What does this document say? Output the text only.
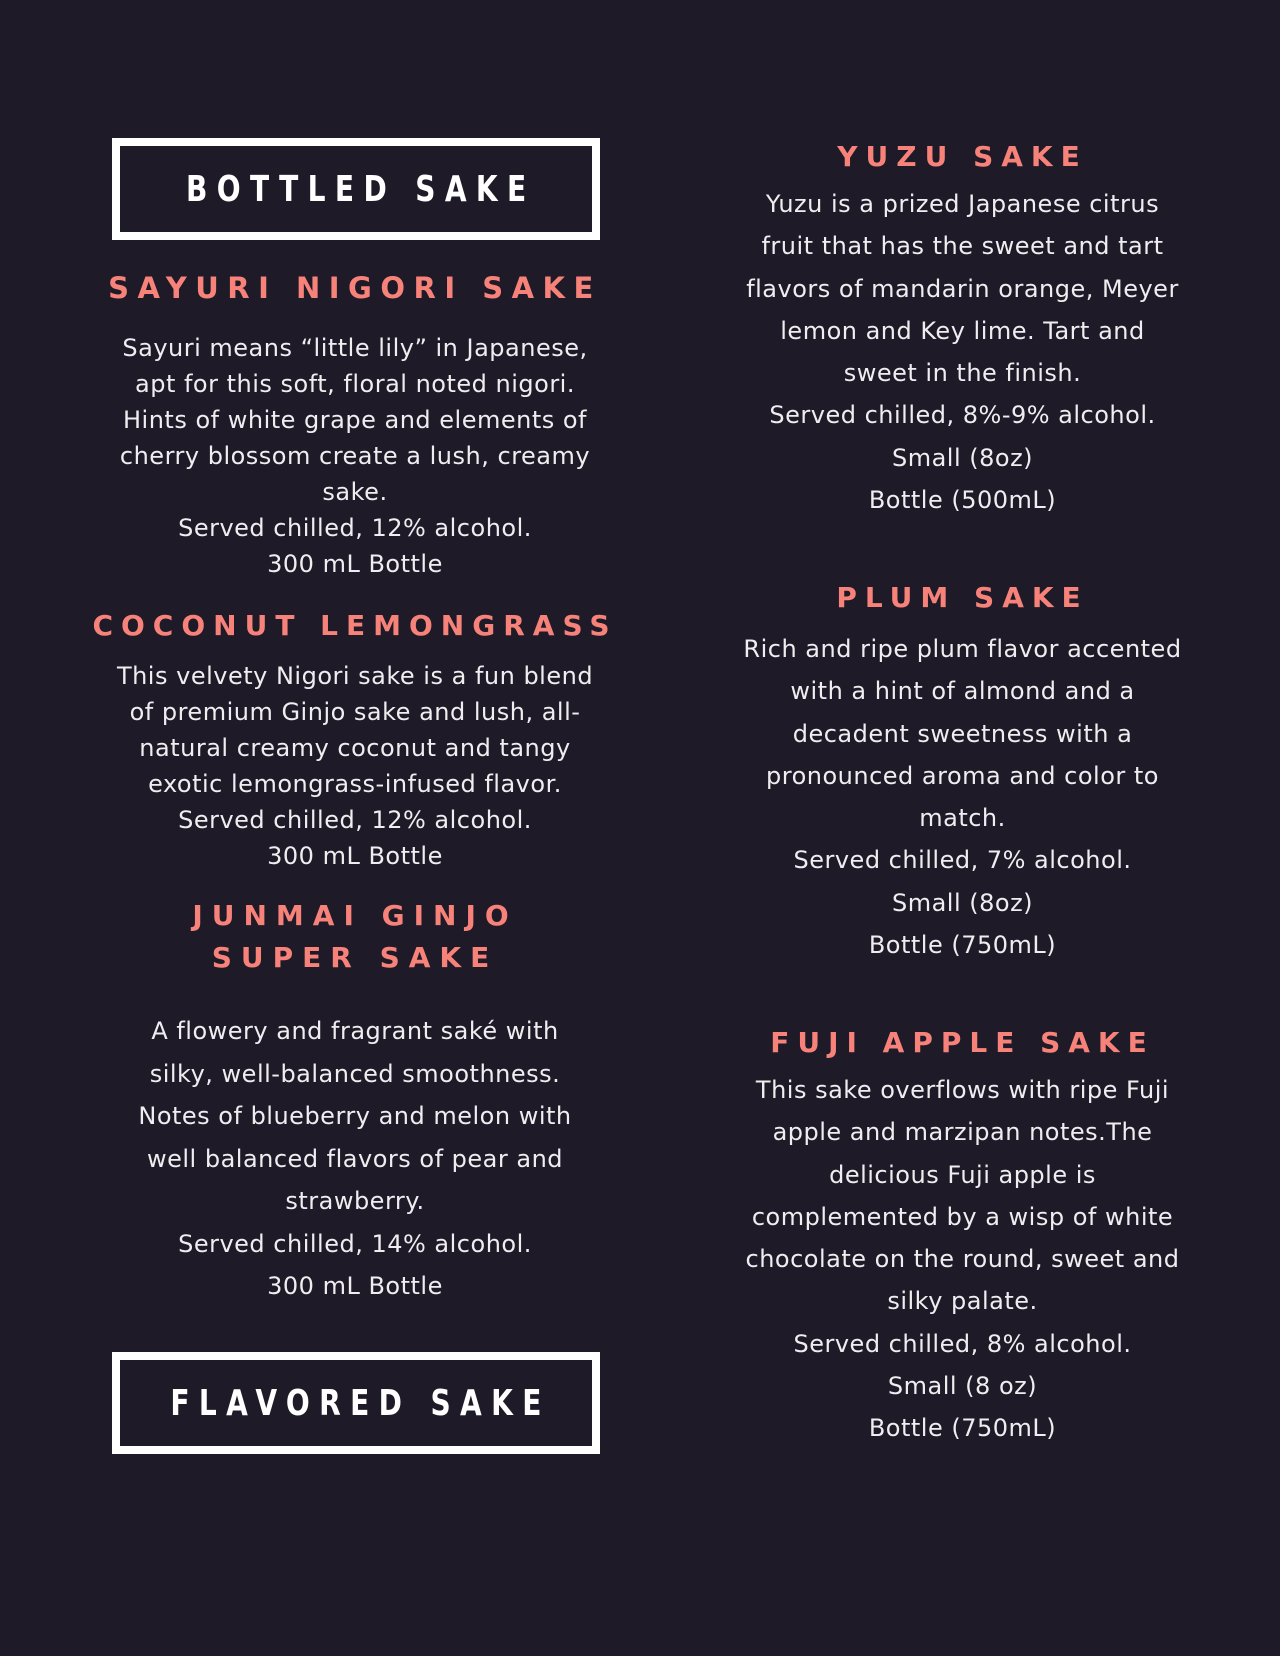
BOTTLED SAKE
SAYURI NIGORI SAKE
Sayuri means “little lily” in Japanese,
apt for this soft, floral noted nigori.
Hints of white grape and elements of
cherry blossom create a lush, creamy
sake.
Served chilled, 12% alcohol.
300 mL Bottle
COCONUT LEMONGRASS
This velvety Nigori sake is a fun blend
of premium Ginjo sake and lush, all-
natural creamy coconut and tangy
exotic lemongrass-infused flavor.
Served chilled, 12% alcohol.
300 mL Bottle
JUNMAI GINJO
SUPER SAKE
A flowery and fragrant saké with
silky, well-balanced smoothness.
Notes of blueberry and melon with
well balanced flavors of pear and
strawberry.
Served chilled, 14% alcohol.
300 mL Bottle
FLAVORED SAKE
YUZU SAKE
Yuzu is a prized Japanese citrus
fruit that has the sweet and tart
flavors of mandarin orange, Meyer
lemon and Key lime. Tart and
sweet in the finish.
Served chilled, 8%-9% alcohol.
Small (8oz)
Bottle (500mL)
PLUM SAKE
Rich and ripe plum flavor accented
with a hint of almond and a
decadent sweetness with a
pronounced aroma and color to
match.
Served chilled, 7% alcohol.
Small (8oz)
Bottle (750mL)
FUJI APPLE SAKE
This sake overflows with ripe Fuji
apple and marzipan notes.The
delicious Fuji apple is
complemented by a wisp of white
chocolate on the round, sweet and
silky palate.
Served chilled, 8% alcohol.
Small (8 oz)
Bottle (750mL)
